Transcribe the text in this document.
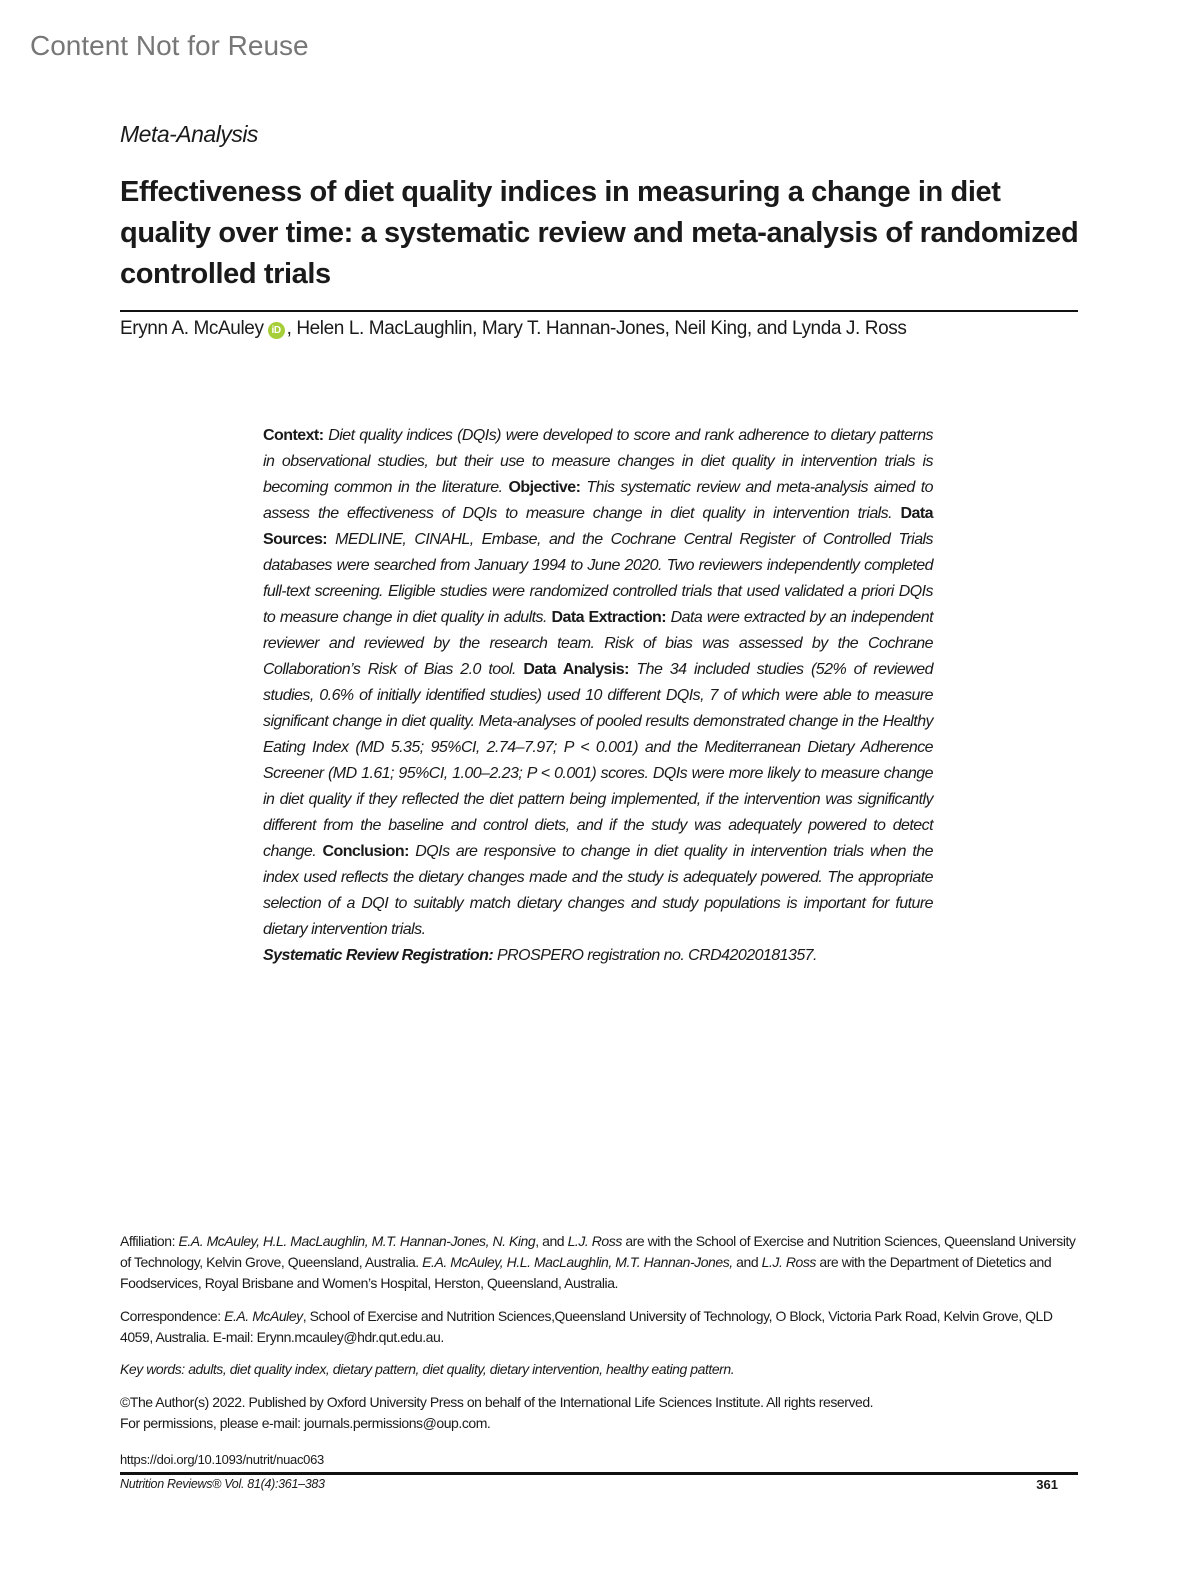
Content Not for Reuse
Meta-Analysis
Effectiveness of diet quality indices in measuring a change in diet quality over time: a systematic review and meta-analysis of randomized controlled trials
Erynn A. McAuley iD , Helen L. MacLaughlin, Mary T. Hannan-Jones, Neil King, and Lynda J. Ross
Context: Diet quality indices (DQIs) were developed to score and rank adherence to dietary patterns in observational studies, but their use to measure changes in diet quality in intervention trials is becoming common in the literature. Objective: This systematic review and meta-analysis aimed to assess the effectiveness of DQIs to measure change in diet quality in intervention trials. Data Sources: MEDLINE, CINAHL, Embase, and the Cochrane Central Register of Controlled Trials databases were searched from January 1994 to June 2020. Two reviewers independently completed full-text screening. Eligible studies were randomized controlled trials that used validated a priori DQIs to measure change in diet quality in adults. Data Extraction: Data were extracted by an independent reviewer and reviewed by the research team. Risk of bias was assessed by the Cochrane Collaboration’s Risk of Bias 2.0 tool. Data Analysis: The 34 included studies (52% of reviewed studies, 0.6% of initially identified studies) used 10 different DQIs, 7 of which were able to measure significant change in diet quality. Meta-analyses of pooled results demonstrated change in the Healthy Eating Index (MD 5.35; 95%CI, 2.74–7.97; P < 0.001) and the Mediterranean Dietary Adherence Screener (MD 1.61; 95%CI, 1.00–2.23; P < 0.001) scores. DQIs were more likely to measure change in diet quality if they reflected the diet pattern being implemented, if the intervention was significantly different from the baseline and control diets, and if the study was adequately powered to detect change. Conclusion: DQIs are responsive to change in diet quality in intervention trials when the index used reflects the dietary changes made and the study is adequately powered. The appropriate selection of a DQI to suitably match dietary changes and study populations is important for future dietary intervention trials.
Systematic Review Registration: PROSPERO registration no. CRD42020181357.
Affiliation: E.A. McAuley, H.L. MacLaughlin, M.T. Hannan-Jones, N. King, and L.J. Ross are with the School of Exercise and Nutrition Sciences, Queensland University of Technology, Kelvin Grove, Queensland, Australia. E.A. McAuley, H.L. MacLaughlin, M.T. Hannan-Jones, and L.J. Ross are with the Department of Dietetics and Foodservices, Royal Brisbane and Women’s Hospital, Herston, Queensland, Australia.
Correspondence: E.A. McAuley, School of Exercise and Nutrition Sciences,Queensland University of Technology, O Block, Victoria Park Road, Kelvin Grove, QLD 4059, Australia. E-mail: Erynn.mcauley@hdr.qut.edu.au.
Key words: adults, diet quality index, dietary pattern, diet quality, dietary intervention, healthy eating pattern.
©The Author(s) 2022. Published by Oxford University Press on behalf of the International Life Sciences Institute. All rights reserved.
For permissions, please e-mail: journals.permissions@oup.com.
https://doi.org/10.1093/nutrit/nuac063
Nutrition Reviews® Vol. 81(4):361–383	361
